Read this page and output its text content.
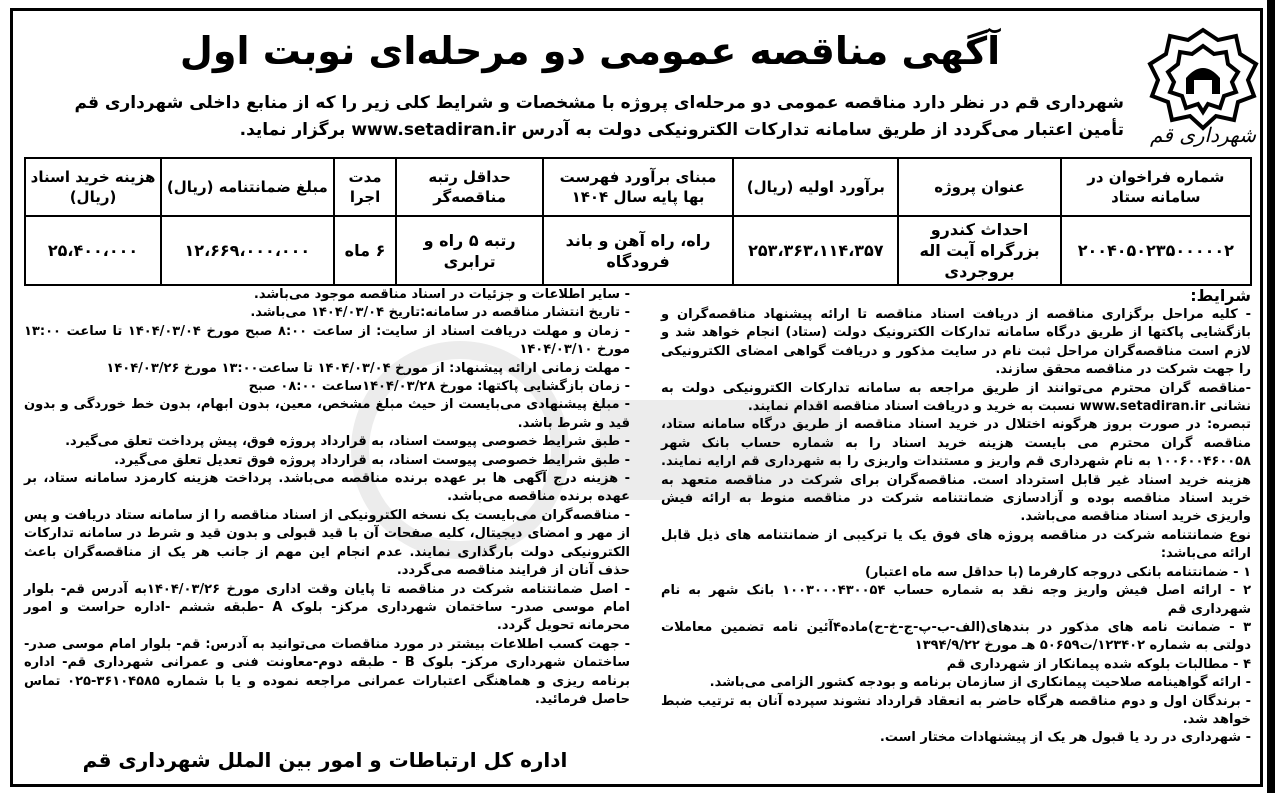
شهرداری قم
آگهی مناقصه عمومی دو مرحله‌ای نوبت اول
شهرداری قم در نظر دارد مناقصه عمومی دو مرحله‌ای پروژه با مشخصات و شرایط کلی زیر را که از منابع داخلی شهرداری قم تأمین اعتبار می‌گردد از طریق سامانه تدارکات الکترونیکی دولت به آدرس www.setadiran.ir برگزار نماید.
شماره فراخوان در سامانه ستاد	عنوان پروژه	برآورد اولیه (ریال)	مبنای برآورد فهرست بها پایه سال ۱۴۰۴	حداقل رتبه مناقصه‌گر	مدت اجرا	مبلغ ضمانتنامه (ریال)	هزینه خرید اسناد (ریال)
۲۰۰۴۰۵۰۲۳۵۰۰۰۰۰۲	احداث کندرو بزرگراه آیت اله بروجردی	۲۵۳،۳۶۳،۱۱۴،۳۵۷	راه، راه آهن و باند فرودگاه	رتبه ۵ راه و ترابری	۶ ماه	۱۲،۶۶۹،۰۰۰،۰۰۰	۲۵،۴۰۰،۰۰۰

شرایط:

- کلیه مراحل برگزاری مناقصه از دریافت اسناد مناقصه تا ارائه پیشنهاد مناقصه‌گران و بازگشایی پاکتها از طریق درگاه سامانه تدارکات الکترونیک دولت (ستاد) انجام خواهد شد و لازم است مناقصه‌گران مراحل ثبت نام در سایت مذکور و دریافت گواهی امضای الکترونیکی را جهت شرکت در مناقصه محقق سازند.

-مناقصه گران محترم می‌توانند از طریق مراجعه به سامانه تدارکات الکترونیکی دولت به نشانی www.setadiran.ir نسبت به خرید و دریافت اسناد مناقصه اقدام نمایند.

تبصره: در صورت بروز هرگونه اختلال در خرید اسناد مناقصه از طریق درگاه سامانه ستاد، مناقصه گران محترم می بایست هزینه خرید اسناد را به شماره حساب بانک شهر ۱۰۰۶۰۰۴۶۰۰۵۸ به نام شهرداری قم واریز و مستندات واریزی را به شهرداری قم ارایه نمایند. هزینه خرید اسناد غیر قابل استرداد است. مناقصه‌گران برای شرکت در مناقصه متعهد به خرید اسناد مناقصه بوده و آزادسازی ضمانتنامه شرکت در مناقصه منوط به ارائه فیش واریزی خرید اسناد مناقصه می‌باشد.

نوع ضمانتنامه شرکت در مناقصه پروژه های فوق یک یا ترکیبی از ضمانتنامه های ذیل قابل ارائه می‌باشد:

۱ - ضمانتنامه بانکی دروجه کارفرما (با حداقل سه ماه اعتبار)

۲ - ارائه اصل فیش واریز وجه نقد به شماره حساب ۱۰۰۳۰۰۰۴۳۰۰۵۴ بانک شهر به نام شهرداری قم

۳ - ضمانت نامه های مذکور در بندهای(الف-ب-پ-ج-خ-ح)ماده۴آئین نامه تضمین معاملات دولتی به شماره ۱۲۳۴۰۲/ت۵۰۶۵۹ هـ مورخ ۱۳۹۴/۹/۲۲

۴ - مطالبات بلوکه شده پیمانکار از شهرداری قم

- ارائه گواهینامه صلاحیت پیمانکاری از سازمان برنامه و بودجه کشور الزامی می‌باشد.

- برندگان اول و دوم مناقصه هرگاه حاضر به انعقاد قرارداد نشوند سپرده آنان به ترتیب ضبط خواهد شد.

- شهرداری در رد یا قبول هر یک از پیشنهادات مختار است.

- سایر اطلاعات و جزئیات در اسناد مناقصه موجود می‌باشد.

- تاریخ انتشار مناقصه در سامانه:تاریخ ۱۴۰۴/۰۳/۰۴ می‌باشد.

- زمان و مهلت دریافت اسناد از سایت: از ساعت ۸:۰۰ صبح مورخ ۱۴۰۴/۰۳/۰۴ تا ساعت ۱۳:۰۰ مورخ ۱۴۰۴/۰۳/۱۰

- مهلت زمانی ارائه پیشنهاد: از مورخ ۱۴۰۴/۰۳/۰۴ تا ساعت۱۳:۰۰ مورخ ۱۴۰۴/۰۳/۲۶

- زمان بازگشایی پاکتها: مورخ ۱۴۰۴/۰۳/۲۸ساعت ۰۸:۰۰ صبح

- مبلغ پیشنهادی می‌بایست از حیث مبلغ مشخص، معین، بدون ابهام، بدون خط خوردگی و بدون قید و شرط باشد.

- طبق شرایط خصوصی پیوست اسناد، به قرارداد پروژه فوق، پیش پرداخت تعلق می‌گیرد.

- طبق شرایط خصوصی پیوست اسناد، به قرارداد پروژه فوق تعدیل تعلق می‌گیرد.

- هزینه درج آگهی ها بر عهده برنده مناقصه می‌باشد. پرداخت هزینه کارمزد سامانه ستاد، بر عهده برنده مناقصه می‌باشد.

- مناقصه‌گران می‌بایست یک نسخه الکترونیکی از اسناد مناقصه را از سامانه ستاد دریافت و پس از مهر و امضای دیجیتال، کلیه صفحات آن با قید قبولی و بدون قید و شرط در سامانه تدارکات الکترونیکی دولت بارگذاری نمایند. عدم انجام این مهم از جانب هر یک از مناقصه‌گران باعث حذف آنان از فرایند مناقصه می‌گردد.

- اصل ضمانتنامه شرکت در مناقصه تا پایان وقت اداری مورخ ۱۴۰۴/۰۳/۲۶به آدرس قم- بلوار امام موسی صدر- ساختمان شهرداری مرکز- بلوک A -طبقه ششم -اداره حراست و امور محرمانه تحویل گردد.

- جهت کسب اطلاعات بیشتر در مورد مناقصات می‌توانید به آدرس: قم- بلوار امام موسی صدر- ساختمان شهرداری مرکز- بلوک B - طبقه دوم-معاونت فنی و عمرانی شهرداری قم- اداره برنامه ریزی و هماهنگی اعتبارات عمرانی مراجعه نموده و یا با شماره ۳۶۱۰۴۵۸۵-۰۲۵ تماس حاصل فرمائید.

اداره کل ارتباطات و امور بین الملل شهرداری قم
